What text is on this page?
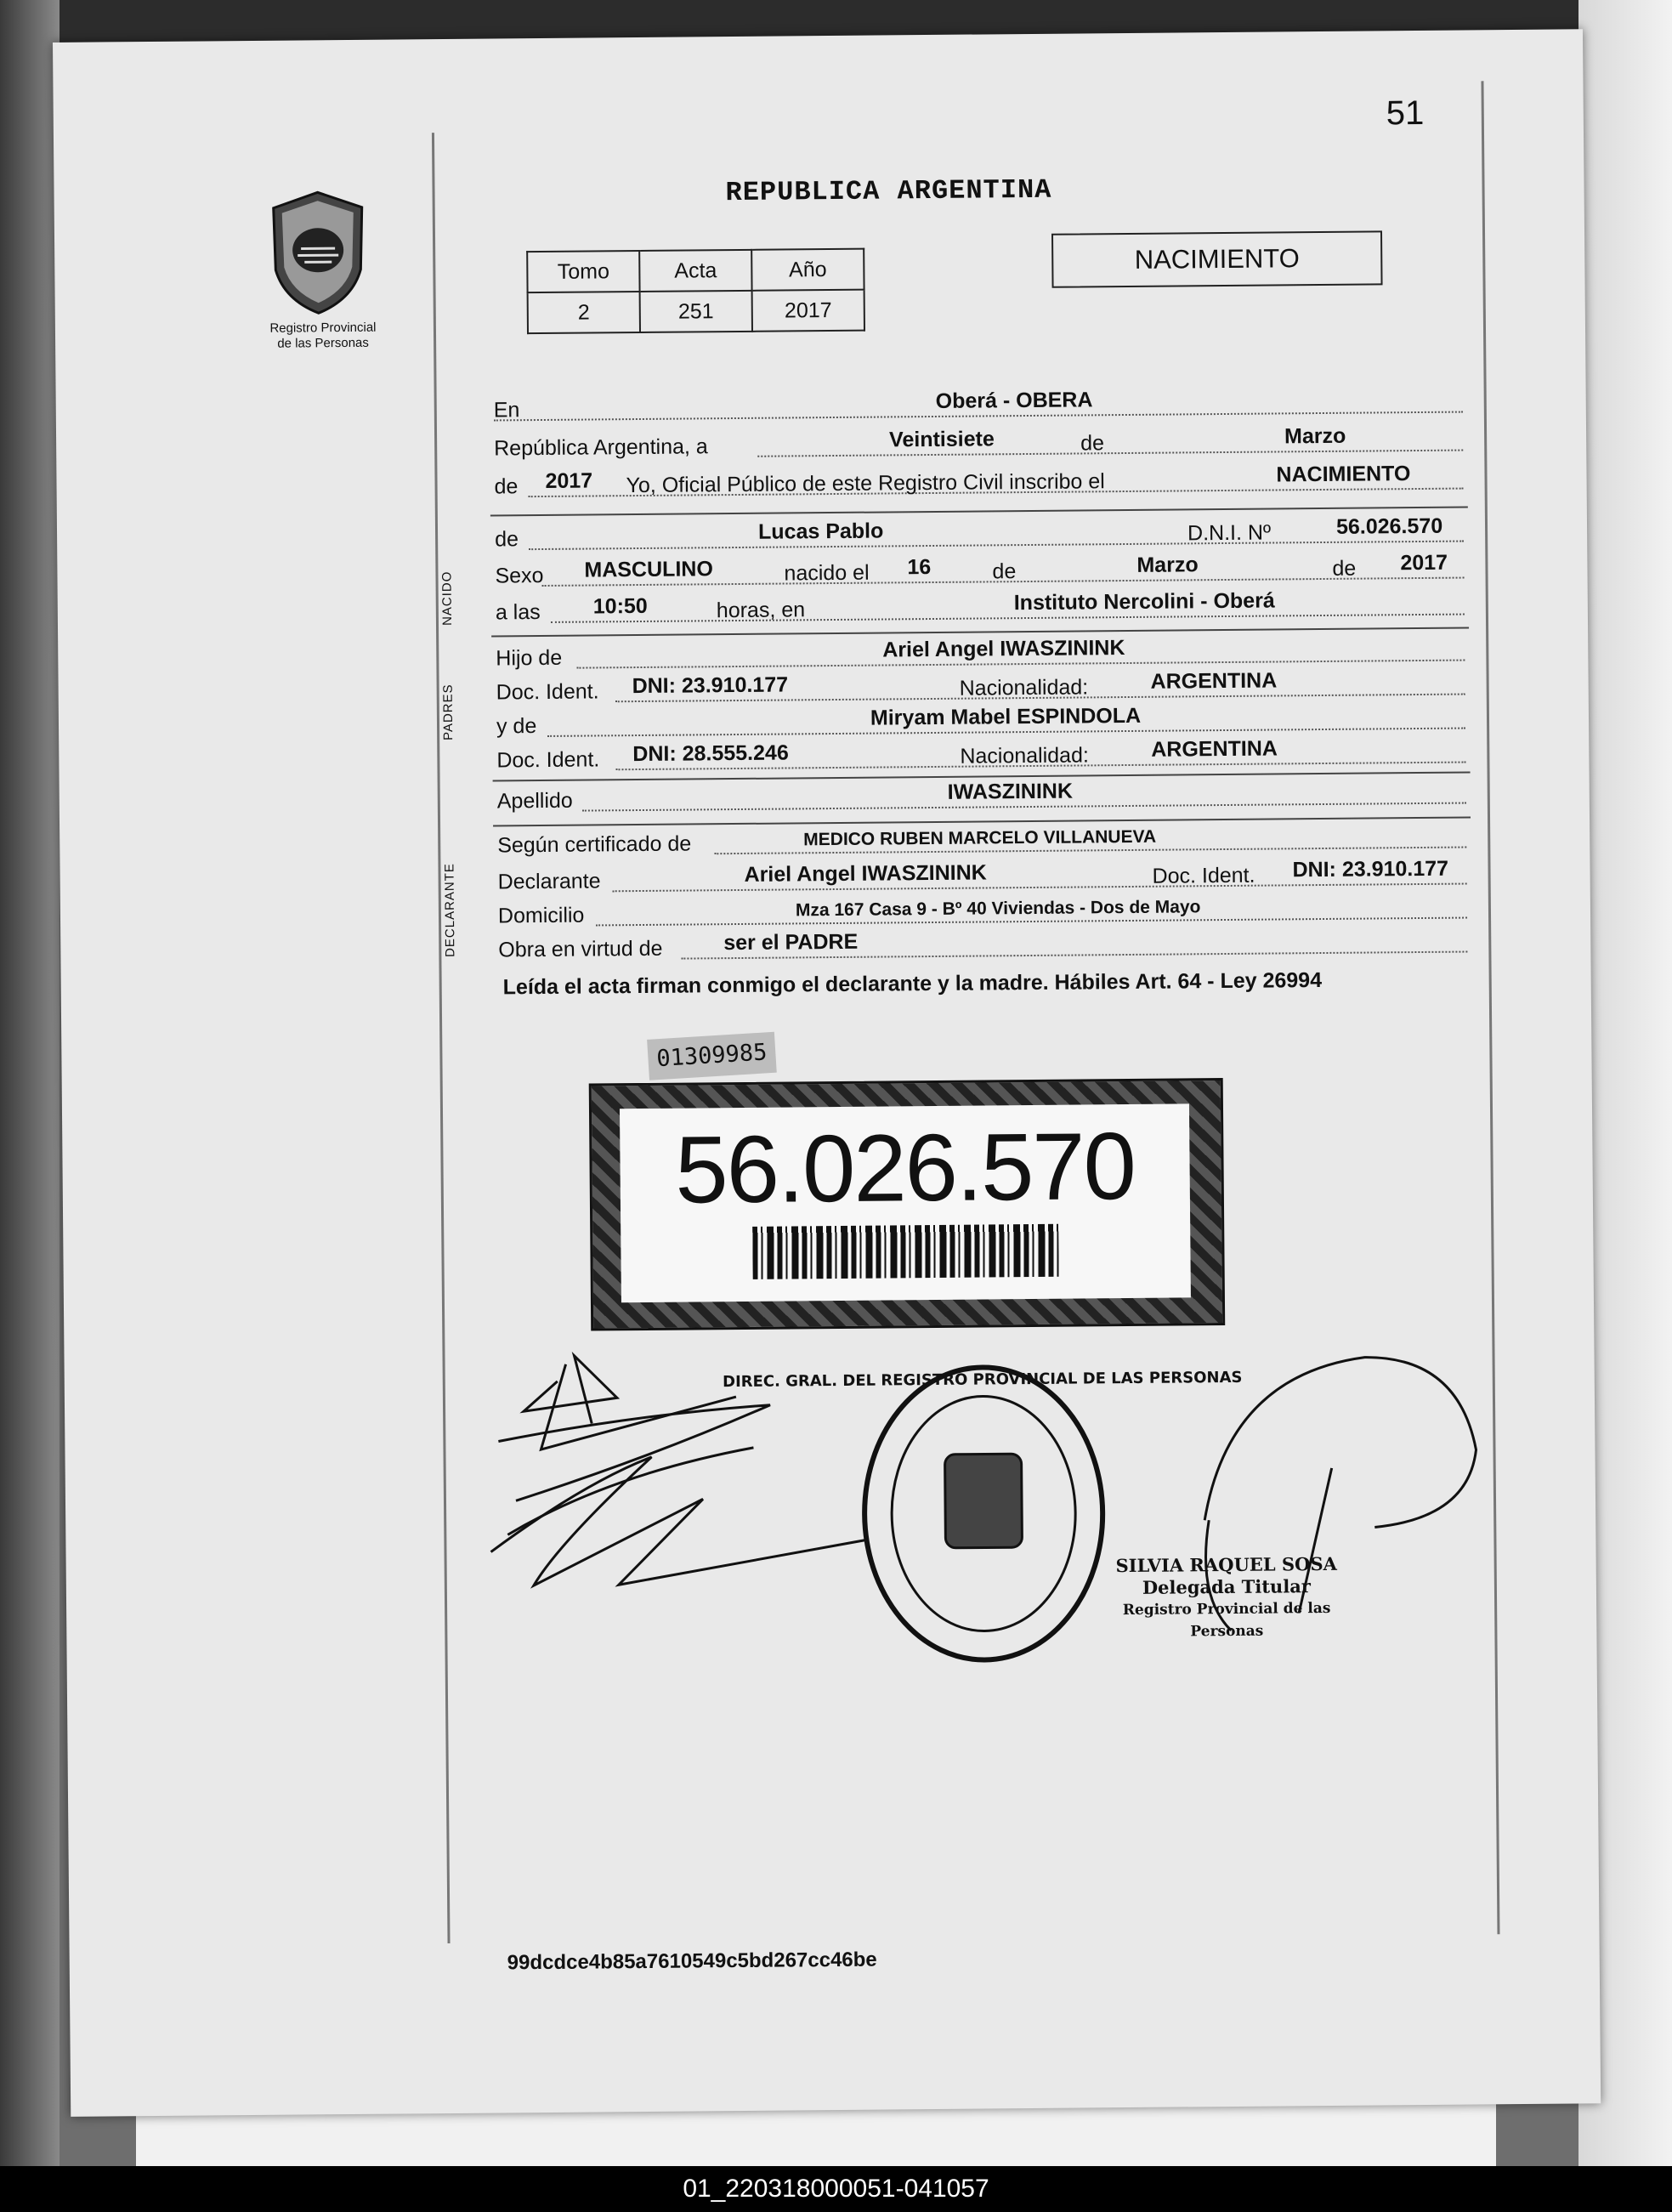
51
Registro Provincial
de las Personas
REPUBLICA ARGENTINA
Tomo	Acta	Año
2	251	2017
NACIMIENTO
En	Oberá - OBERA
República Argentina, a	Veintisiete	de	Marzo
de 2017 Yo, Oficial Público de este Registro Civil inscribo el	NACIMIENTO
NACIDO
de	Lucas Pablo	D.N.I. Nº	56.026.570
Sexo MASCULINO	nacido el 16	de	Marzo	de 2017
a las 10:50	horas, en	Instituto Nercolini - Oberá
PADRES
Hijo de	Ariel Angel IWASZININK
Doc. Ident. DNI: 23.910.177	Nacionalidad:	ARGENTINA
y de	Miryam Mabel ESPINDOLA
Doc. Ident. DNI: 28.555.246	Nacionalidad:	ARGENTINA
Apellido	IWASZININK
DECLARANTE
Según certificado de	MEDICO RUBEN MARCELO VILLANUEVA
Declarante	Ariel Angel IWASZININK	Doc. Ident. DNI: 23.910.177
Domicilio	Mza 167 Casa 9 - Bº 40 Viviendas - Dos de Mayo
Obra en virtud de	ser el PADRE
Leída el acta firman conmigo el declarante y la madre. Hábiles Art. 64 - Ley 26994
01309985
56.026.570
DIREC. GRAL. DEL REGISTRO PROVINCIAL DE LAS PERSONAS
SILVIA RAQUEL SOSA
Delegada Titular
Registro Provincial de las Personas
99dcdce4b85a7610549c5bd267cc46be
01_220318000051-041057
